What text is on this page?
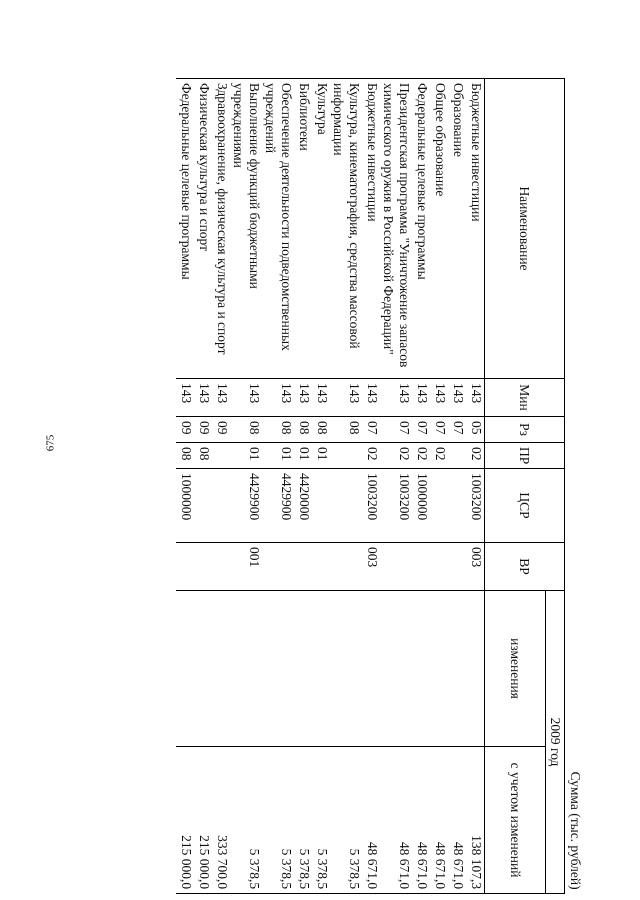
675
Сумма (тыс. рублей)							
Наименование	Мин	Рз	ПР	ЦСР	ВР	2009 год	
						изменения	с учетом изменений
Бюджетные инвестиции	143	05	02	1003200	003		138 107,3
Образование	143	07					48 671,0
Общее образование	143	07	02				48 671,0
Федеральные целевые программы	143	07	02	1000000			48 671,0
Президентская программа "Уничтожение запасов химического оружия в Российской Федерации"	143	07	02	1003200			48 671,0
Бюджетные инвестиции	143	07	02	1003200	003		48 671,0
Культура, кинематография, средства массовой информации	143	08					5 378,5
Культура	143	08	01				5 378,5
Библиотеки	143	08	01	4420000			5 378,5
Обеспечение деятельности подведомственных учреждений	143	08	01	4429900			5 378,5
Выполнение функций бюджетными учреждениями	143	08	01	4429900	001		5 378,5
Здравоохранение, физическая культура и спорт	143	09					333 700,0
Физическая культура и спорт	143	09	08				215 000,0
Федеральные целевые программы	143	09	08	1000000			215 000,0
